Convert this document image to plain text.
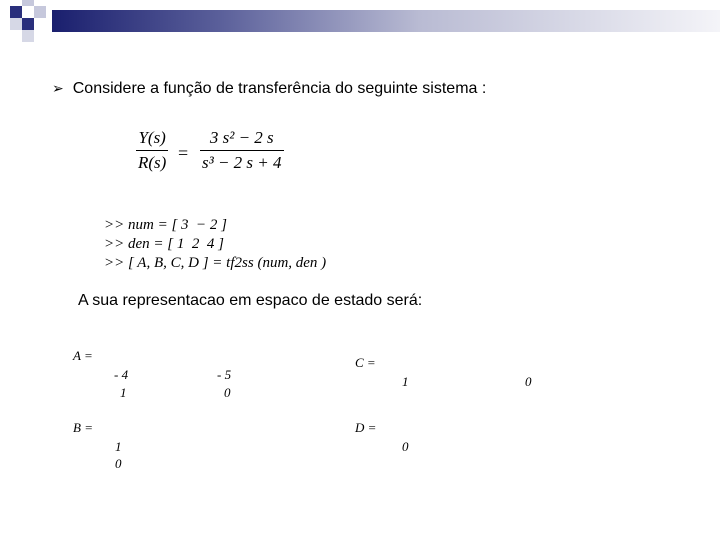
➢ Considere a função de transferência do seguinte sistema :
Y(s)
R(s) =
3 s² − 2 s
s³ − 2 s + 4
>> num = [ 3  − 2 ]
>> den = [ 1  2  4 ]
>> [ A, B, C, D ] = tf2ss (num, den )
A sua representacao em espaco de estado será:
A =
- 4	- 5
1	0
B =
1
0
C =
1	0
D =
0
